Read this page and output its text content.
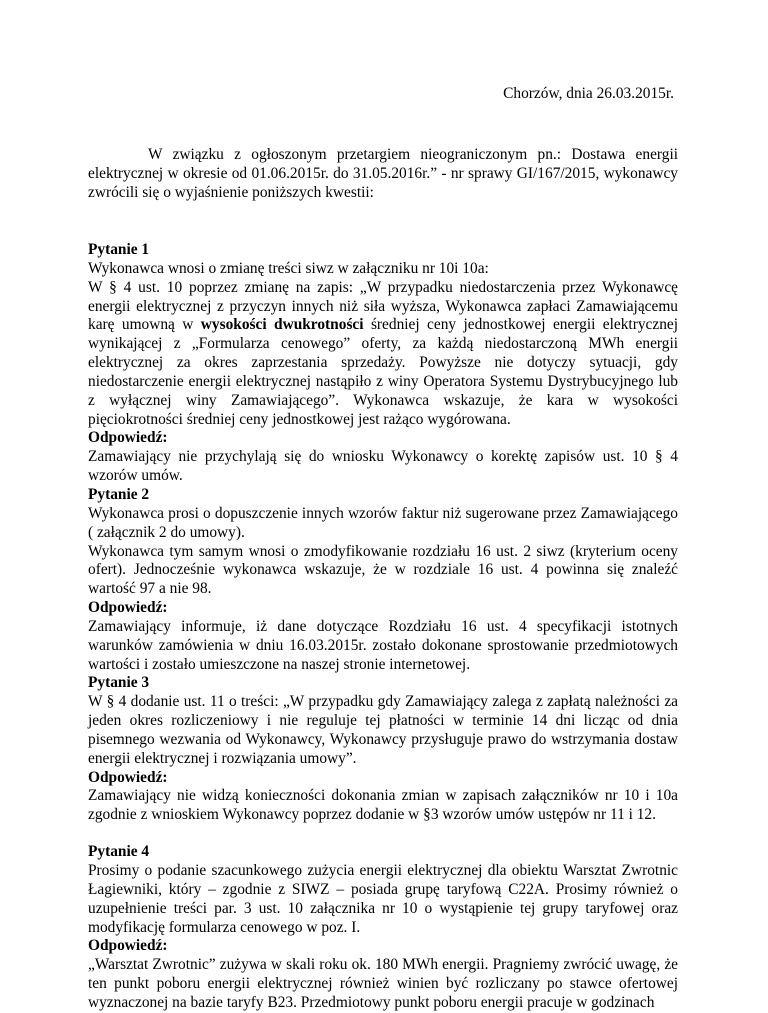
Chorzów, dnia 26.03.2015r.

W związku z ogłoszonym przetargiem nieograniczonym pn.: Dostawa energii elektrycznej w okresie od 01.06.2015r. do 31.05.2016r.” - nr sprawy GI/167/2015, wykonawcy zwrócili się o wyjaśnienie poniższych kwestii:

Pytanie 1

Wykonawca wnosi o zmianę treści siwz w załączniku nr 10i 10a:

W § 4 ust. 10 poprzez zmianę na zapis: „W przypadku niedostarczenia przez Wykonawcę energii elektrycznej z przyczyn innych niż siła wyższa, Wykonawca zapłaci Zamawiającemu karę umowną w wysokości dwukrotności średniej ceny jednostkowej energii elektrycznej wynikającej z „Formularza cenowego” oferty, za każdą niedostarczoną MWh energii elektrycznej za okres zaprzestania sprzedaży. Powyższe nie dotyczy sytuacji, gdy niedostarczenie energii elektrycznej nastąpiło z winy Operatora Systemu Dystrybucyjnego lub z wyłącznej winy Zamawiającego”. Wykonawca wskazuje, że kara w wysokości pięciokrotności średniej ceny jednostkowej jest rażąco wygórowana.

Odpowiedź:

Zamawiający nie przychylają się do wniosku Wykonawcy o korektę zapisów ust. 10 § 4 wzorów umów.

Pytanie 2

Wykonawca prosi o dopuszczenie innych wzorów faktur niż sugerowane przez Zamawiającego ( załącznik 2 do umowy).

Wykonawca tym samym wnosi o zmodyfikowanie rozdziału 16 ust. 2 siwz (kryterium oceny ofert). Jednocześnie wykonawca wskazuje, że w rozdziale 16 ust. 4 powinna się znaleźć wartość 97 a nie 98.

Odpowiedź:

Zamawiający informuje, iż dane dotyczące Rozdziału 16 ust. 4 specyfikacji istotnych warunków zamówienia w dniu 16.03.2015r. zostało dokonane sprostowanie przedmiotowych wartości i zostało umieszczone na naszej stronie internetowej.

Pytanie 3

W § 4 dodanie ust. 11 o treści: „W przypadku gdy Zamawiający zalega z zapłatą należności za jeden okres rozliczeniowy i nie reguluje tej płatności w terminie 14 dni licząc od dnia pisemnego wezwania od Wykonawcy, Wykonawcy przysługuje prawo do wstrzymania dostaw energii elektrycznej i rozwiązania umowy”.

Odpowiedź:

Zamawiający nie widzą konieczności dokonania zmian w zapisach załączników nr 10 i 10a zgodnie z wnioskiem Wykonawcy poprzez dodanie w §3 wzorów umów ustępów nr 11 i 12.

Pytanie 4

Prosimy o podanie szacunkowego zużycia energii elektrycznej dla obiektu Warsztat Zwrotnic Łagiewniki, który – zgodnie z SIWZ – posiada grupę taryfową C22A. Prosimy również o uzupełnienie treści par. 3 ust. 10 załącznika nr 10 o wystąpienie tej grupy taryfowej oraz modyfikację formularza cenowego w poz. I.

Odpowiedź:

„Warsztat Zwrotnic” zużywa w skali roku ok. 180 MWh energii. Pragniemy zwrócić uwagę, że ten punkt poboru energii elektrycznej również winien być rozliczany po stawce ofertowej wyznaczonej na bazie taryfy B23. Przedmiotowy punkt poboru energii pracuje w godzinach
